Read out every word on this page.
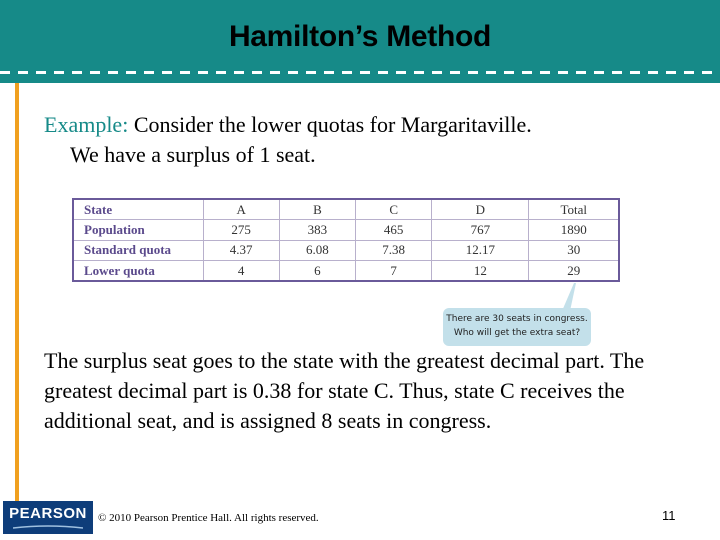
Hamilton’s Method
Example: Consider the lower quotas for Margaritaville.
We have a surplus of 1 seat.
State	A	B	C	D	Total
Population	275	383	465	767	1890
Standard quota	4.37	6.08	7.38	12.17	30
Lower quota	4	6	7	12	29
There are 30 seats in congress.
Who will get the extra seat?
The surplus seat goes to the state with the greatest decimal part. The greatest decimal part is 0.38 for state C. Thus, state C receives the additional seat, and is assigned 8 seats in congress.
PEARSON	© 2010 Pearson Prentice Hall. All rights reserved.	11
